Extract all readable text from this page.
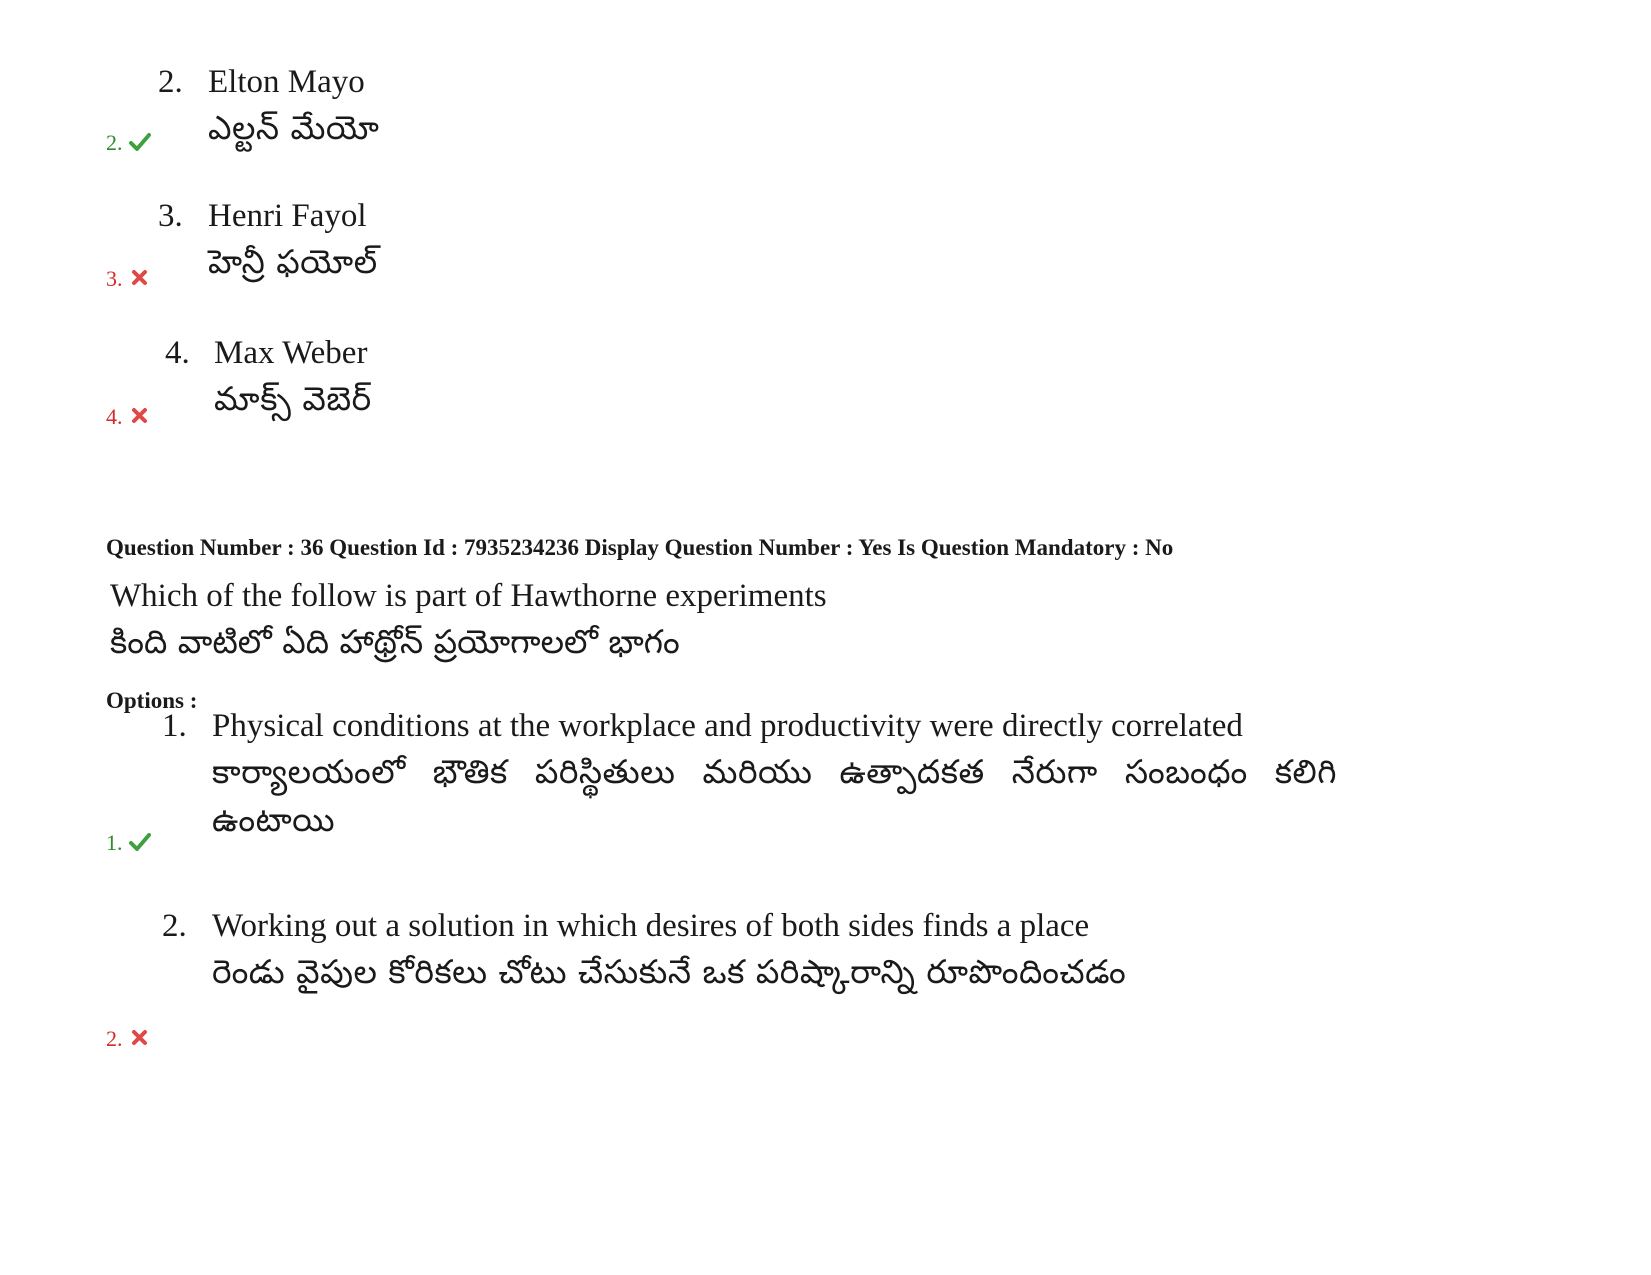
2. Elton Mayo
ఎల్టన్ మేయో
2.
3. Henri Fayol
హెన్రీ ఫయోల్
3.
4. Max Weber
మాక్స్ వెబెర్
4.
Question Number : 36 Question Id : 7935234236 Display Question Number : Yes Is Question Mandatory : No
Which of the follow is part of Hawthorne experiments
కింది వాటిలో ఏది హాథ్రోన్ ప్రయోగాలలో భాగం
Options :
1. Physical conditions at the workplace and productivity were directly correlated
కార్యాలయంలో భౌతిక పరిస్థితులు మరియు ఉత్పాదకత నేరుగా సంబంధం కలిగి ఉంటాయి
1.
2. Working out a solution in which desires of both sides finds a place
రెండు వైపుల కోరికలు చోటు చేసుకునే ఒక పరిష్కారాన్ని రూపొందించడం
2.
